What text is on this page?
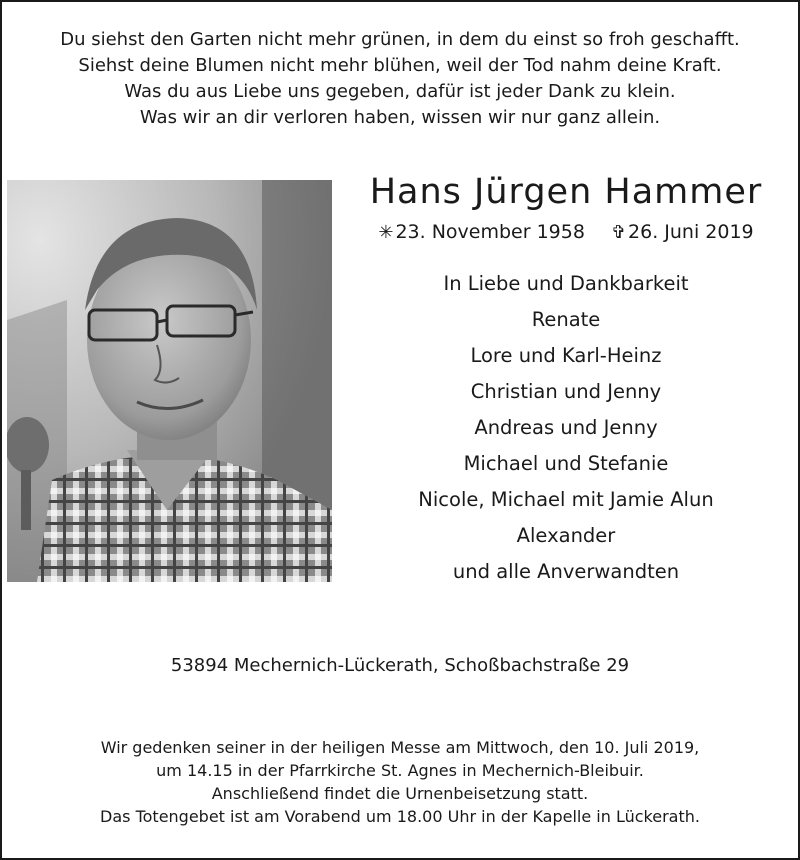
Du siehst den Garten nicht mehr grünen, in dem du einst so froh geschafft.
Siehst deine Blumen nicht mehr blühen, weil der Tod nahm deine Kraft.
Was du aus Liebe uns gegeben, dafür ist jeder Dank zu klein.
Was wir an dir verloren haben, wissen wir nur ganz allein.
Hans Jürgen Hammer
✳ 23. November 1958 ✞ 26. Juni 2019
In Liebe und Dankbarkeit
Renate
Lore und Karl-Heinz
Christian und Jenny
Andreas und Jenny
Michael und Stefanie
Nicole, Michael mit Jamie Alun
Alexander
und alle Anverwandten
53894 Mechernich-Lückerath, Schoßbachstraße 29
Wir gedenken seiner in der heiligen Messe am Mittwoch, den 10. Juli 2019,
um 14.15 in der Pfarrkirche St. Agnes in Mechernich-Bleibuir.
Anschließend findet die Urnenbeisetzung statt.
Das Totengebet ist am Vorabend um 18.00 Uhr in der Kapelle in Lückerath.
